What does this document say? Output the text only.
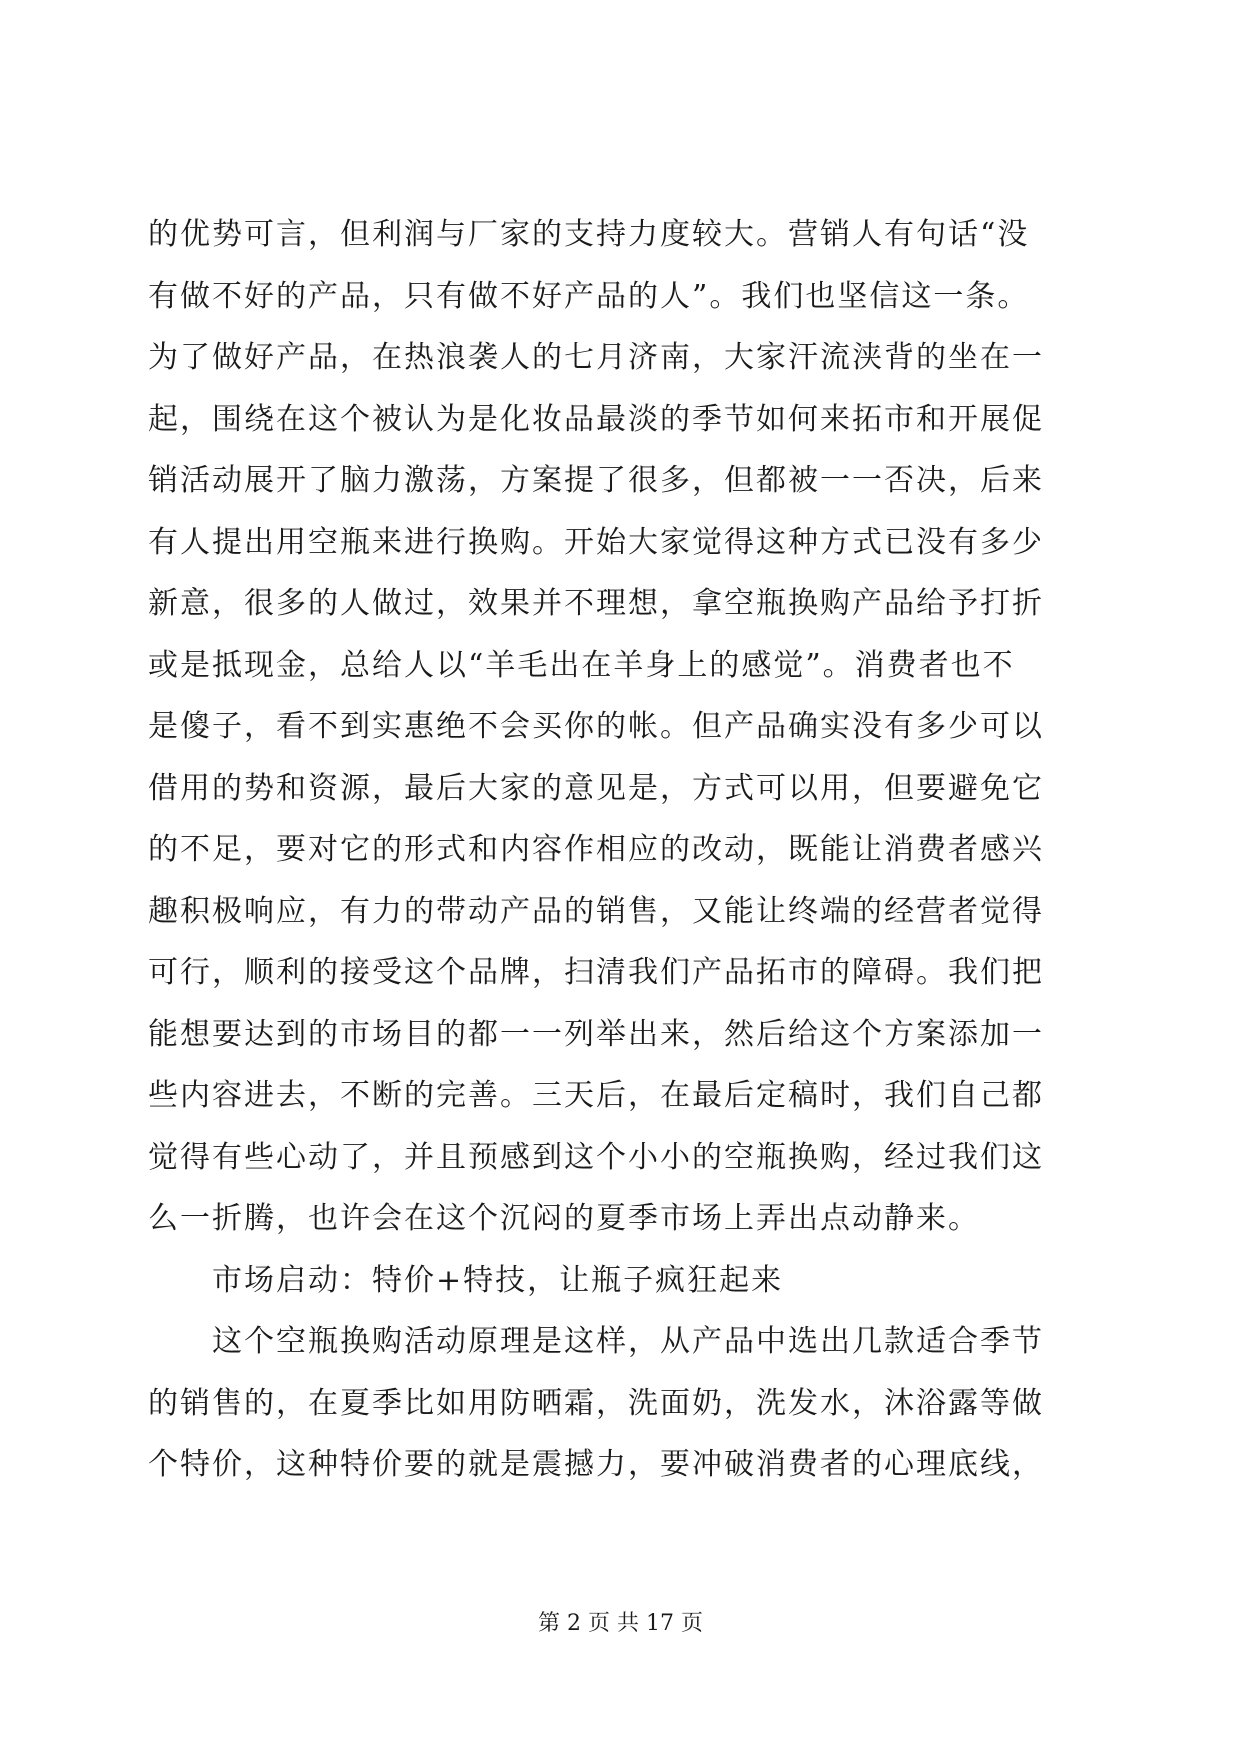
的优势可言，但利润与厂家的支持力度较大。营销人有句话“没
有做不好的产品，只有做不好产品的人”。我们也坚信这一条。
为了做好产品，在热浪袭人的七月济南，大家汗流浃背的坐在一
起，围绕在这个被认为是化妆品最淡的季节如何来拓市和开展促
销活动展开了脑力激荡，方案提了很多，但都被一一否决，后来
有人提出用空瓶来进行换购。开始大家觉得这种方式已没有多少
新意，很多的人做过，效果并不理想，拿空瓶换购产品给予打折
或是抵现金，总给人以“羊毛出在羊身上的感觉”。消费者也不
是傻子，看不到实惠绝不会买你的帐。但产品确实没有多少可以
借用的势和资源，最后大家的意见是，方式可以用，但要避免它
的不足，要对它的形式和内容作相应的改动，既能让消费者感兴
趣积极响应，有力的带动产品的销售，又能让终端的经营者觉得
可行，顺利的接受这个品牌，扫清我们产品拓市的障碍。我们把
能想要达到的市场目的都一一列举出来，然后给这个方案添加一
些内容进去，不断的完善。三天后，在最后定稿时，我们自己都
觉得有些心动了，并且预感到这个小小的空瓶换购，经过我们这
么一折腾，也许会在这个沉闷的夏季市场上弄出点动静来。
市场启动：特价+特技，让瓶子疯狂起来
这个空瓶换购活动原理是这样，从产品中选出几款适合季节
的销售的，在夏季比如用防晒霜，洗面奶，洗发水，沐浴露等做
个特价，这种特价要的就是震撼力，要冲破消费者的心理底线，
第 2 页 共 17 页
